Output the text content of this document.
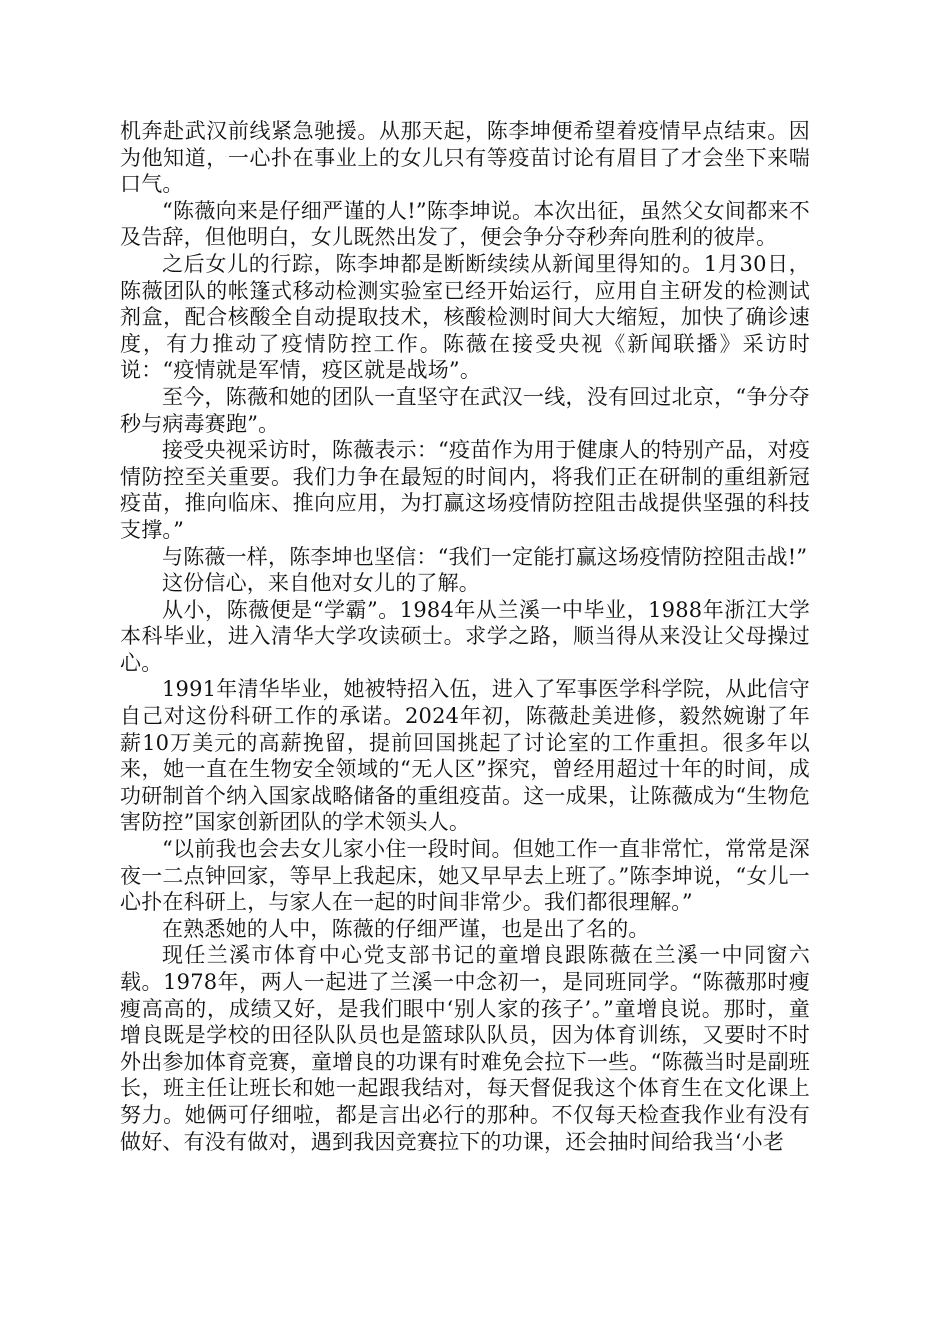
机奔赴武汉前线紧急驰援。从那天起，陈李坤便希望着疫情早点结束。因为他知道，一心扑在事业上的女儿只有等疫苗讨论有眉目了才会坐下来喘口气。

“陈薇向来是仔细严谨的人!”陈李坤说。本次出征，虽然父女间都来不及告辞，但他明白，女儿既然出发了，便会争分夺秒奔向胜利的彼岸。

之后女儿的行踪，陈李坤都是断断续续从新闻里得知的。1月30日，陈薇团队的帐篷式移动检测实验室已经开始运行，应用自主研发的检测试剂盒，配合核酸全自动提取技术，核酸检测时间大大缩短，加快了确诊速度，有力推动了疫情防控工作。陈薇在接受央视《新闻联播》采访时说：“疫情就是军情，疫区就是战场”。

至今，陈薇和她的团队一直坚守在武汉一线，没有回过北京，“争分夺秒与病毒赛跑”。

接受央视采访时，陈薇表示：“疫苗作为用于健康人的特别产品，对疫情防控至关重要。我们力争在最短的时间内，将我们正在研制的重组新冠疫苗，推向临床、推向应用，为打赢这场疫情防控阻击战提供坚强的科技支撑。”

与陈薇一样，陈李坤也坚信：“我们一定能打赢这场疫情防控阻击战!”

这份信心，来自他对女儿的了解。

从小，陈薇便是“学霸”。1984年从兰溪一中毕业，1988年浙江大学本科毕业，进入清华大学攻读硕士。求学之路，顺当得从来没让父母操过心。

1991年清华毕业，她被特招入伍，进入了军事医学科学院，从此信守自己对这份科研工作的承诺。2024年初，陈薇赴美进修，毅然婉谢了年薪10万美元的高薪挽留，提前回国挑起了讨论室的工作重担。很多年以来，她一直在生物安全领域的“无人区”探究，曾经用超过十年的时间，成功研制首个纳入国家战略储备的重组疫苗。这一成果，让陈薇成为“生物危害防控”国家创新团队的学术领头人。

“以前我也会去女儿家小住一段时间。但她工作一直非常忙，常常是深夜一二点钟回家，等早上我起床，她又早早去上班了。”陈李坤说，“女儿一心扑在科研上，与家人在一起的时间非常少。我们都很理解。”

在熟悉她的人中，陈薇的仔细严谨，也是出了名的。

现任兰溪市体育中心党支部书记的童增良跟陈薇在兰溪一中同窗六载。1978年，两人一起进了兰溪一中念初一，是同班同学。“陈薇那时瘦瘦高高的，成绩又好，是我们眼中‘别人家的孩子’。”童增良说。那时，童增良既是学校的田径队队员也是篮球队队员，因为体育训练，又要时不时外出参加体育竞赛，童增良的功课有时难免会拉下一些。“陈薇当时是副班长，班主任让班长和她一起跟我结对，每天督促我这个体育生在文化课上努力。她俩可仔细啦，都是言出必行的那种。不仅每天检查我作业有没有做好、有没有做对，遇到我因竞赛拉下的功课，还会抽时间给我当‘小老
